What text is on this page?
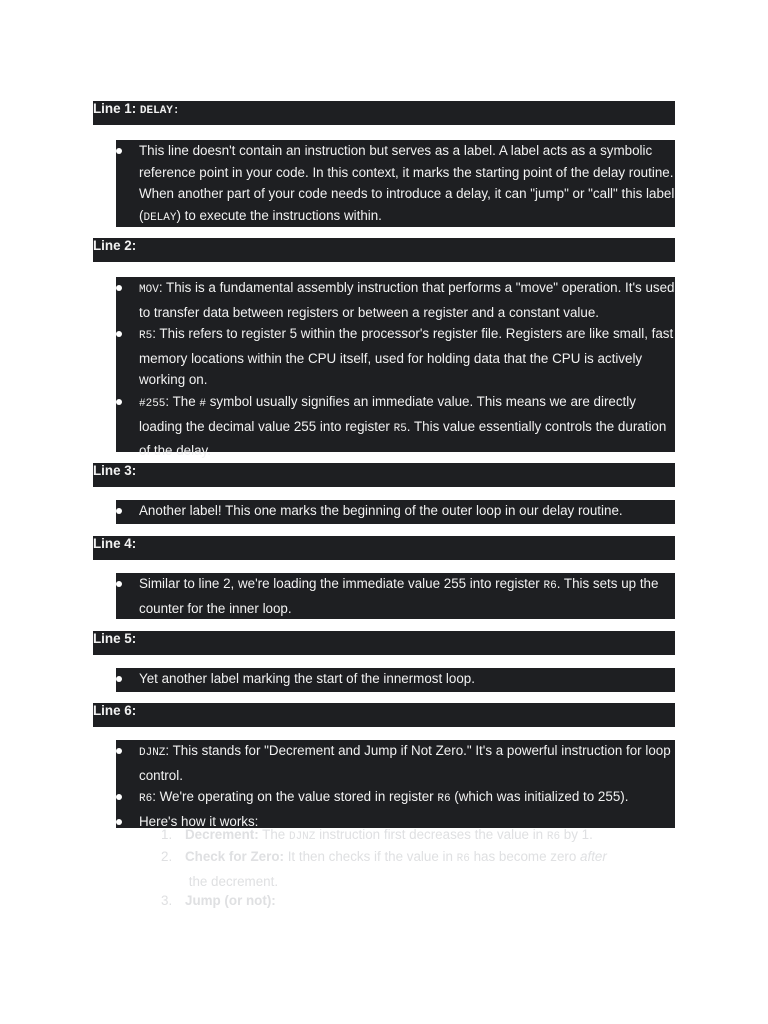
Line 1: DELAY:
This line doesn't contain an instruction but serves as a label. A label acts as a symbolic reference point in your code. In this context, it marks the starting point of the delay routine. When another part of your code needs to introduce a delay, it can "jump" or "call" this label (DELAY) to execute the instructions within.
Line 2:
MOV: This is a fundamental assembly instruction that performs a "move" operation. It's used to transfer data between registers or between a register and a constant value.
R5: This refers to register 5 within the processor's register file. Registers are like small, fast memory locations within the CPU itself, used for holding data that the CPU is actively working on.
#255: The # symbol usually signifies an immediate value. This means we are directly loading the decimal value 255 into register R5. This value essentially controls the duration of the delay.
Line 3:
Another label! This one marks the beginning of the outer loop in our delay routine.
Line 4:
Similar to line 2, we're loading the immediate value 255 into register R6. This sets up the counter for the inner loop.
Line 5:
Yet another label marking the start of the innermost loop.
Line 6:
DJNZ: This stands for "Decrement and Jump if Not Zero." It's a powerful instruction for loop control.
R6: We're operating on the value stored in register R6 (which was initialized to 255).
Here's how it works:
1. Decrement: The DJNZ instruction first decreases the value in R6 by 1.
2. Check for Zero: It then checks if the value in R6 has become zero after
the decrement.
3. Jump (or not):
